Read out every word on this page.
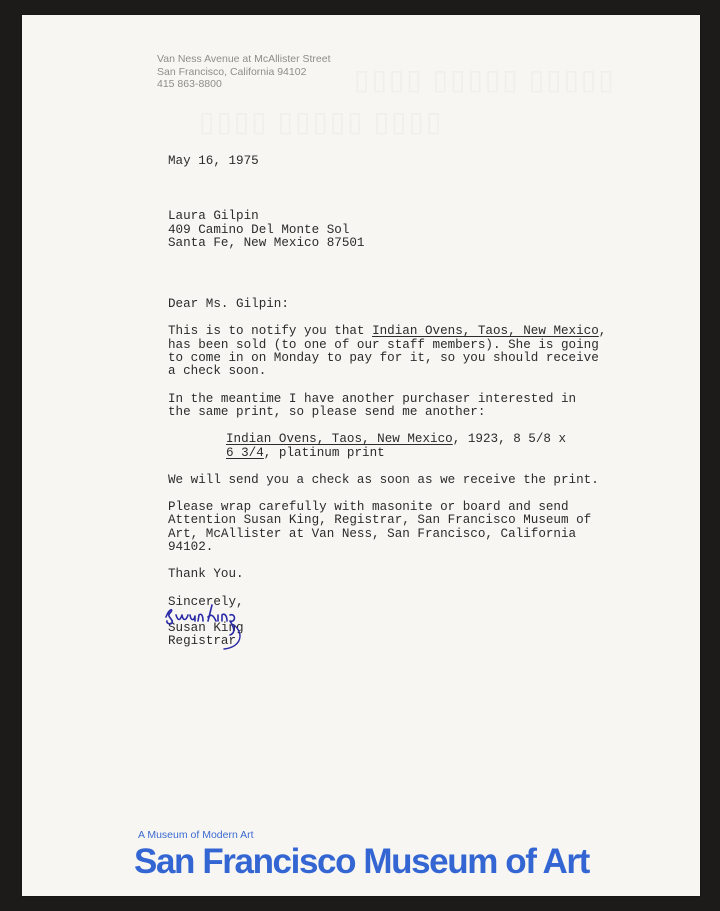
▯▯▯▯▯ ▯▯▯▯▯ ▯▯▯▯
▯▯▯▯ ▯▯▯▯▯ ▯▯▯▯
Van Ness Avenue at McAllister Street
San Francisco, California 94102
415 863-8800
May 16, 1975
Laura Gilpin
409 Camino Del Monte Sol
Santa Fe, New Mexico 87501
Dear Ms. Gilpin:
This is to notify you that Indian Ovens, Taos, New Mexico,
has been sold (to one of our staff members). She is going
to come in on Monday to pay for it, so you should receive
a check soon.
In the meantime I have another purchaser interested in
the same print, so please send me another:
Indian Ovens, Taos, New Mexico, 1923, 8 5/8 x
6 3/4, platinum print
We will send you a check as soon as we receive the print.
Please wrap carefully with masonite or board and send
Attention Susan King, Registrar, San Francisco Museum of
Art, McAllister at Van Ness, San Francisco, California
94102.
Thank You.
Sincerely,
Susan King
Registrar
A Museum of Modern Art
San Francisco Museum of Art
